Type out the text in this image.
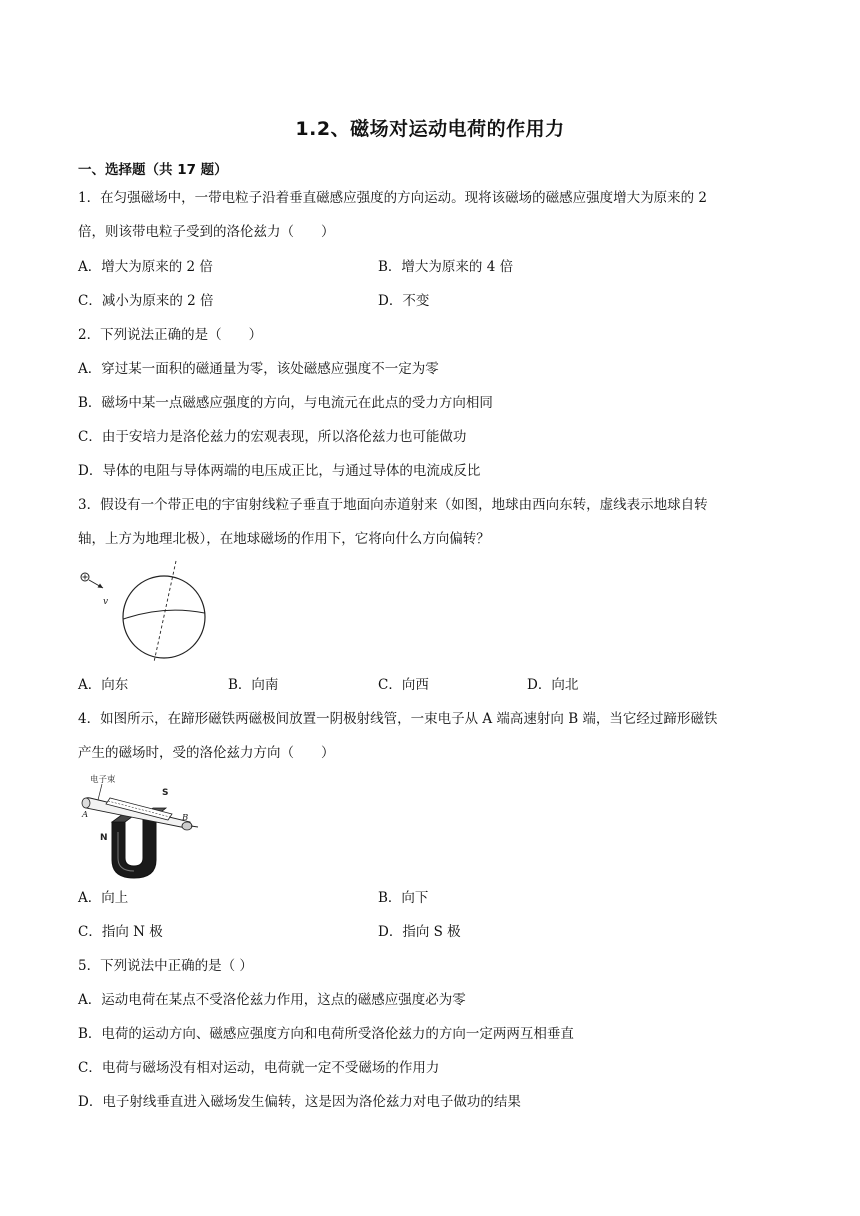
1.2、磁场对运动电荷的作用力
一、选择题（共 17 题）
1．在匀强磁场中，一带电粒子沿着垂直磁感应强度的方向运动。现将该磁场的磁感应强度增大为原来的 2
倍，则该带电粒子受到的洛伦兹力（　　）
A．增大为原来的 2 倍	B．增大为原来的 4 倍
C．减小为原来的 2 倍	D．不变
2．下列说法正确的是（　　）
A．穿过某一面积的磁通量为零，该处磁感应强度不一定为零
B．磁场中某一点磁感应强度的方向，与电流元在此点的受力方向相同
C．由于安培力是洛伦兹力的宏观表现，所以洛伦兹力也可能做功
D．导体的电阻与导体两端的电压成正比，与通过导体的电流成反比
3．假设有一个带正电的宇宙射线粒子垂直于地面向赤道射来（如图，地球由西向东转，虚线表示地球自转
轴，上方为地理北极），在地球磁场的作用下，它将向什么方向偏转？
v
A．向东	B．向南	C．向西	D．向北
4．如图所示，在蹄形磁铁两磁极间放置一阴极射线管，一束电子从 A 端高速射向 B 端，当它经过蹄形磁铁
产生的磁场时，受的洛伦兹力方向（　　）
电子束
N
S
A	B
A．向上	B．向下
C．指向 N 极	D．指向 S 极
5．下列说法中正确的是（ ）
A．运动电荷在某点不受洛伦兹力作用，这点的磁感应强度必为零
B．电荷的运动方向、磁感应强度方向和电荷所受洛伦兹力的方向一定两两互相垂直
C．电荷与磁场没有相对运动，电荷就一定不受磁场的作用力
D．电子射线垂直进入磁场发生偏转，这是因为洛伦兹力对电子做功的结果
